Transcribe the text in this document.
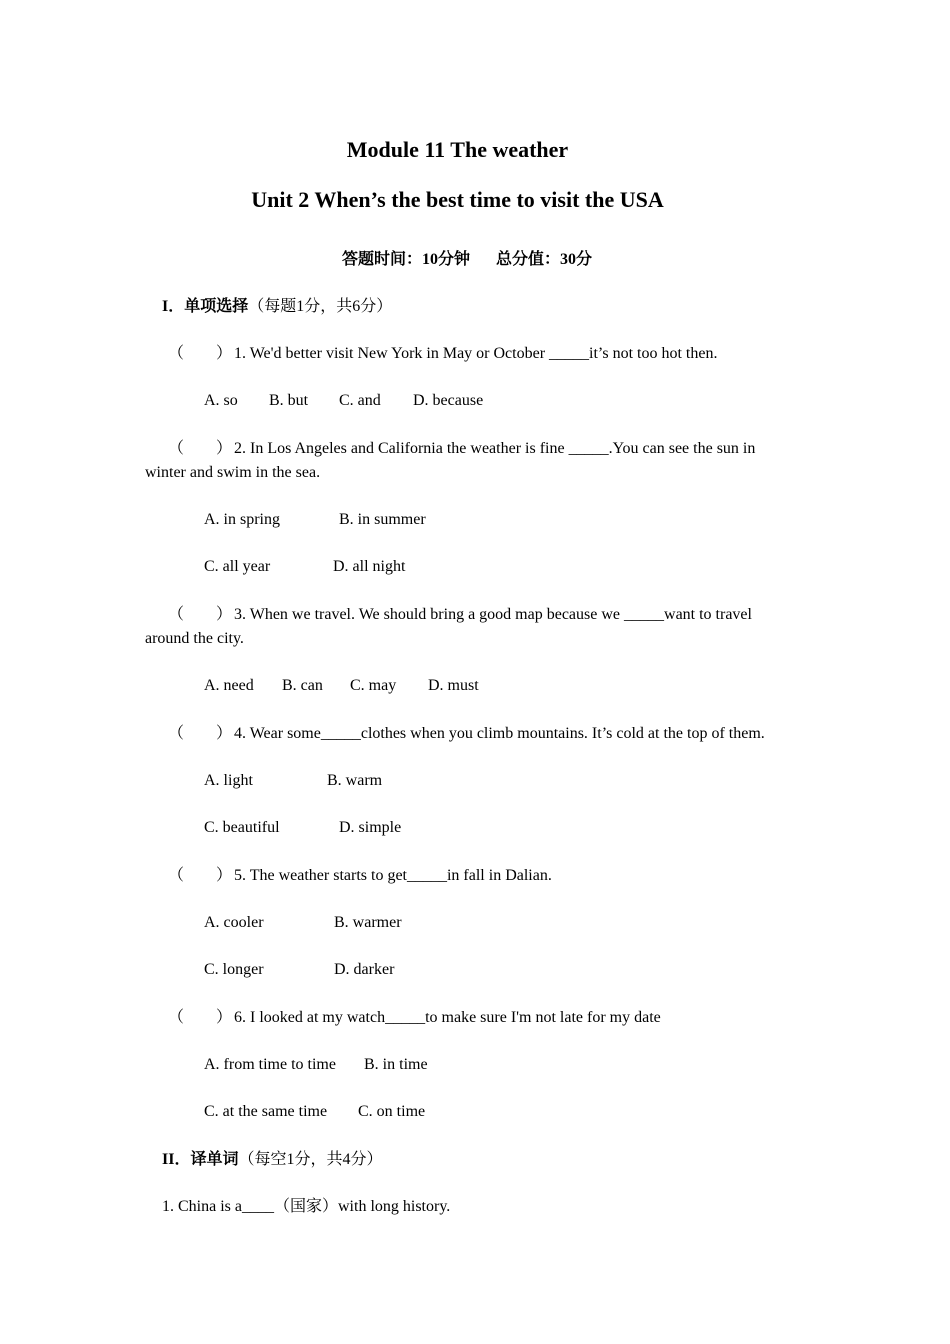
Module 11 The weather
Unit 2 When’s the best time to visit the USA
答题时间：10分钟 总分值：30分
I．单项选择（每题1分，共6分）
（　　） 1. We'd better visit New York in May or October _____it’s not too hot then.
A. so B. but C. and D. because
（　　） 2. In Los Angeles and California the weather is fine _____.You can see the sun in
winter and swim in the sea.
A. in spring	B. in summer
C. all year	D. all night
（　　） 3. When we travel. We should bring a good map because we _____want to travel
around the city.
A. need B. can C. may D. must
（　　） 4. Wear some_____clothes when you climb mountains. It’s cold at the top of them.
A. light	B. warm
C. beautiful	D. simple
（　　） 5. The weather starts to get_____in fall in Dalian.
A. cooler	B. warmer
C. longer	D. darker
（　　） 6. I looked at my watch_____to make sure I'm not late for my date
A. from time to time B. in time
C. at the same time C. on time
II．译单词（每空1分，共4分）
1. China is a____（国家）with long history.
